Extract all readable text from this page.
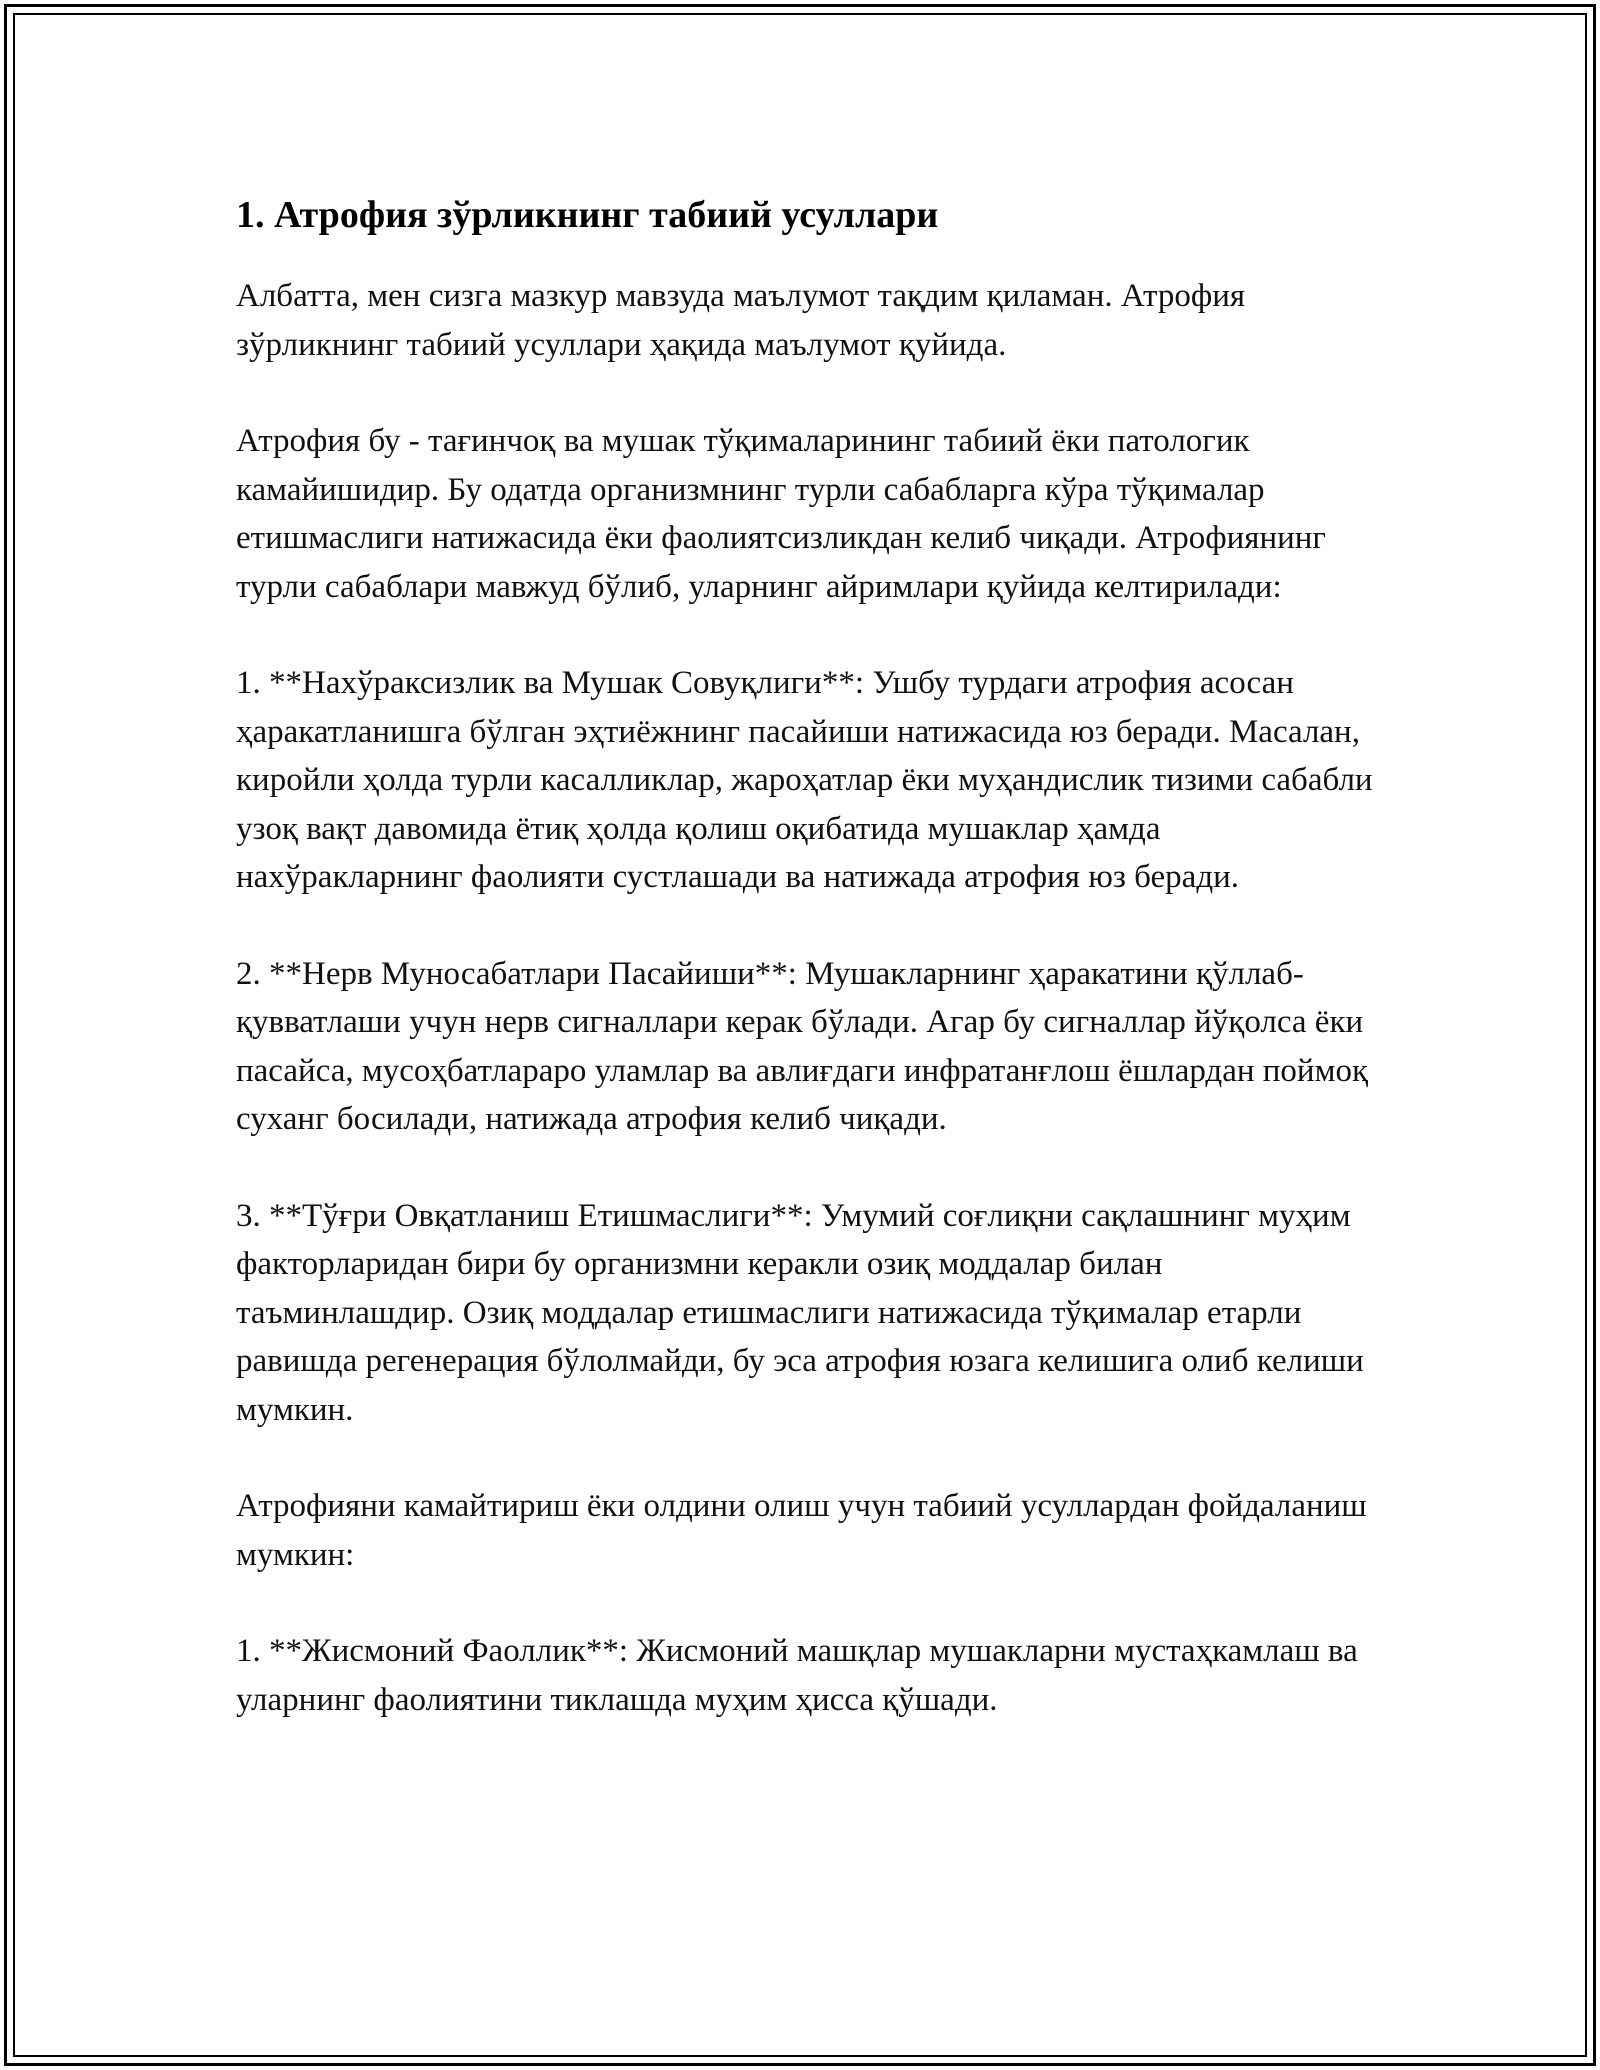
1. Атрофия зўрликнинг табиий усуллари

Албатта, мен сизга мазкур мавзуда маълумот тақдим қиламан. Атрофия зўрликнинг табиий усуллари ҳақида маълумот қуйида.

Атрофия бу - тағинчоқ ва мушак тўқималарининг табиий ёки патологик камайишидир. Бу одатда организмнинг турли сабабларга кўра тўқималар етишмаслиги натижасида ёки фаолиятсизликдан келиб чиқади. Атрофиянинг турли сабаблари мавжуд бўлиб, уларнинг айримлари қуйида келтирилади:

1. **Нахўраксизлик ва Мушак Совуқлиги**: Ушбу турдаги атрофия асосан ҳаракатланишга бўлган эҳтиёжнинг пасайиши натижасида юз беради. Масалан, киройли ҳолда турли касалликлар, жароҳатлар ёки муҳандислик тизими сабабли узоқ вақт давомида ётиқ ҳолда қолиш оқибатида мушаклар ҳамда нахўракларнинг фаолияти сустлашади ва натижада атрофия юз беради.

2. **Нерв Муносабатлари Пасайиши**: Мушакларнинг ҳаракатини қўллаб-қувватлаши учун нерв сигналлари керак бўлади. Агар бу сигналлар йўқолса ёки пасайса, мусоҳбатлараро уламлар ва авлиғдаги инфратанғлош ёшлардан поймоқ суханг босилади, натижада атрофия келиб чиқади.

3. **Тўғри Овқатланиш Етишмаслиги**: Умумий соғлиқни сақлашнинг муҳим факторларидан бири бу организмни керакли озиқ моддалар билан таъминлашдир. Озиқ моддалар етишмаслиги натижасида тўқималар етарли равишда регенерация бўлолмайди, бу эса атрофия юзага келишига олиб келиши мумкин.

Атрофияни камайтириш ёки олдини олиш учун табиий усуллардан фойдаланиш мумкин:

1. **Жисмоний Фаоллик**: Жисмоний машқлар мушакларни мустаҳкамлаш ва уларнинг фаолиятини тиклашда муҳим ҳисса қўшади.
